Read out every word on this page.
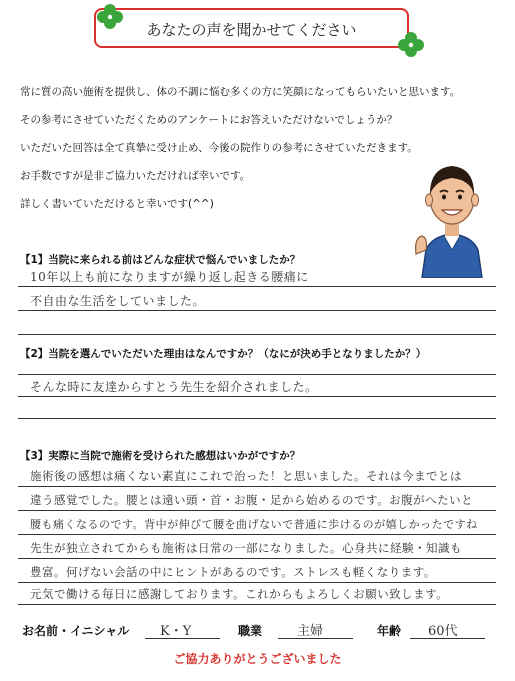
あなたの声を聞かせてください
常に質の高い施術を提供し、体の不調に悩む多くの方に笑顔になってもらいたいと思います。
その参考にさせていただくためのアンケートにお答えいただけないでしょうか？
いただいた回答は全て真摯に受け止め、今後の院作りの参考にさせていただきます。
お手数ですが是非ご協力いただければ幸いです。
詳しく書いていただけると幸いです(^^)
【1】当院に来られる前はどんな症状で悩んでいましたか？
10年以上も前になりますが繰り返し起きる腰痛に
不自由な生活をしていました。
【2】当院を選んでいただいた理由はなんですか？（なにが決め手となりましたか？）
そんな時に友達からすとう先生を紹介されました。
【3】実際に当院で施術を受けられた感想はいかがですか？
施術後の感想は痛くない素直にこれで治った！と思いました。それは今までとは
違う感覚でした。腰とは遠い頭・首・お腹・足から始めるのです。お腹がへたいと
腰も痛くなるのです。背中が伸びて腰を曲げないで普通に歩けるのが嬉しかったですね
先生が独立されてからも施術は日常の一部になりました。心身共に経験・知識も
豊富。何げない会話の中にヒントがあるのです。ストレスも軽くなります。
元気で働ける毎日に感謝しております。これからもよろしくお願い致します。
お名前・イニシャル K・Y	職業	主婦	年齢 60代
ご協力ありがとうございました
